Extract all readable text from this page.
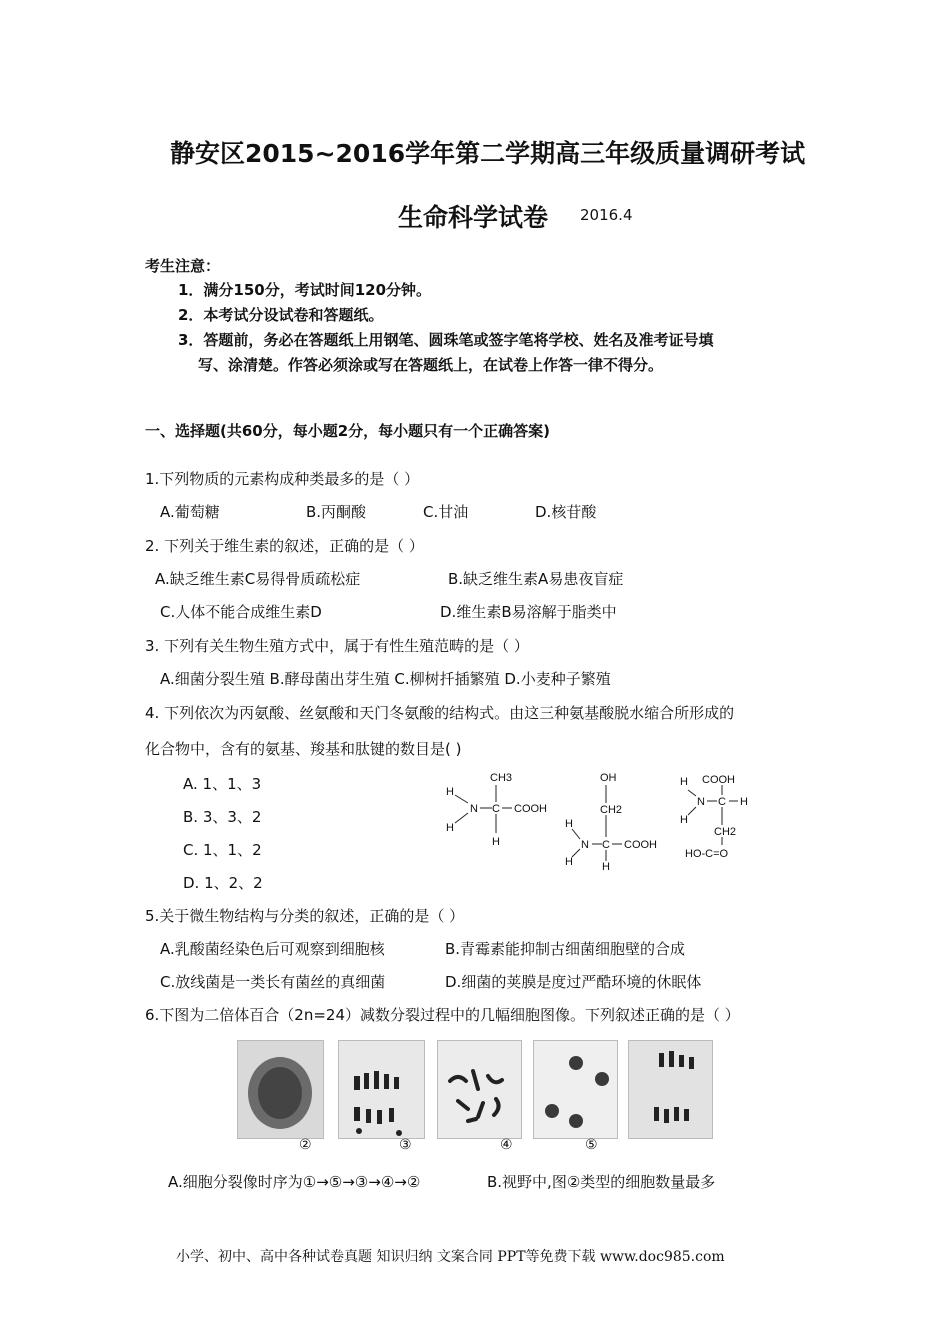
静安区2015~2016学年第二学期高三年级质量调研考试
生命科学试卷 2016.4
考生注意：
1．满分150分，考试时间120分钟。
2．本考试分设试卷和答题纸。
3．答题前，务必在答题纸上用钢笔、圆珠笔或签字笔将学校、姓名及准考证号填
写、涂清楚。作答必须涂或写在答题纸上，在试卷上作答一律不得分。
一、选择题(共60分，每小题2分，每小题只有一个正确答案)
1.下列物质的元素构成种类最多的是（ ）
A.葡萄糖	B.丙酮酸	C.甘油	D.核苷酸
2. 下列关于维生素的叙述，正确的是（ ）
A.缺乏维生素C易得骨质疏松症	B.缺乏维生素A易患夜盲症
C.人体不能合成维生素D	D.维生素B易溶解于脂类中
3. 下列有关生物生殖方式中，属于有性生殖范畴的是（ ）
A.细菌分裂生殖 B.酵母菌出芽生殖 C.柳树扦插繁殖 D.小麦种子繁殖
4. 下列依次为丙氨酸、丝氨酸和天门冬氨酸的结构式。由这三种氨基酸脱水缩合所形成的
化合物中，含有的氨基、羧基和肽键的数目是( )
A. 1、1、3
B. 3、3、2
C. 1、1、2
D. 1、2、2
CH3
H
N C COOH
H
H
OH
CH2
H
N C COOH
H	H
H COOH
N C H
H
CH2
HO-C=O
5.关于微生物结构与分类的叙述，正确的是（ ）
A.乳酸菌经染色后可观察到细胞核	B.青霉素能抑制古细菌细胞壁的合成
C.放线菌是一类长有菌丝的真细菌	D.细菌的荚膜是度过严酷环境的休眠体
6.下图为二倍体百合（2n=24）减数分裂过程中的几幅细胞图像。下列叙述正确的是（ ）
②	③	④	⑤
A.细胞分裂像时序为①→⑤→③→④→②	B.视野中,图②类型的细胞数量最多
小学、初中、高中各种试卷真题 知识归纳 文案合同 PPT等免费下载 www.doc985.com
